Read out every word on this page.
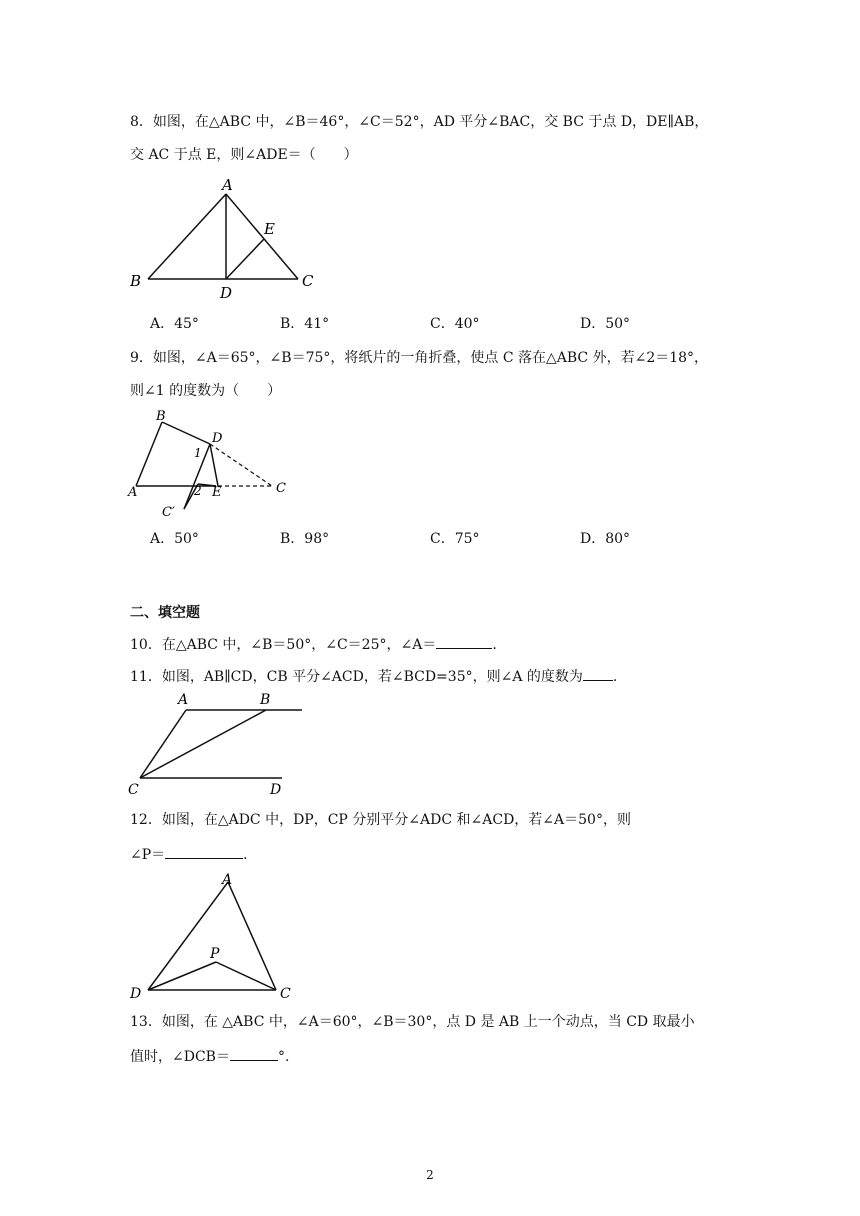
8．如图，在△ABC 中，∠B＝46°，∠C＝52°，AD 平分∠BAC，交 BC 于点 D，DE∥AB，
交 AC 于点 E，则∠ADE＝（　　）
A
B	C
D
E
A．45°	B．41°	C．40°	D．50°
9．如图，∠A＝65°，∠B＝75°，将纸片的一角折叠，使点 C 落在△ABC 外，若∠2＝18°，
则∠1 的度数为（　　）
B
D
A	E	C
C′
1
2
A．50°	B．98°	C．75°	D．80°
二、填空题
10．在△ABC 中，∠B＝50°，∠C＝25°，∠A＝	.
11．如图，AB∥CD，CB 平分∠ACD，若∠BCD=35°，则∠A 的度数为 .
A	B
C	D
12．如图，在△ADC 中，DP，CP 分别平分∠ADC 和∠ACD，若∠A＝50°，则
∠P＝	.
A
P
D	C
13．如图，在 △ABC 中，∠A＝60°，∠B＝30°，点 D 是 AB 上一个动点，当 CD 取最小
值时，∠DCB＝	°.
2
